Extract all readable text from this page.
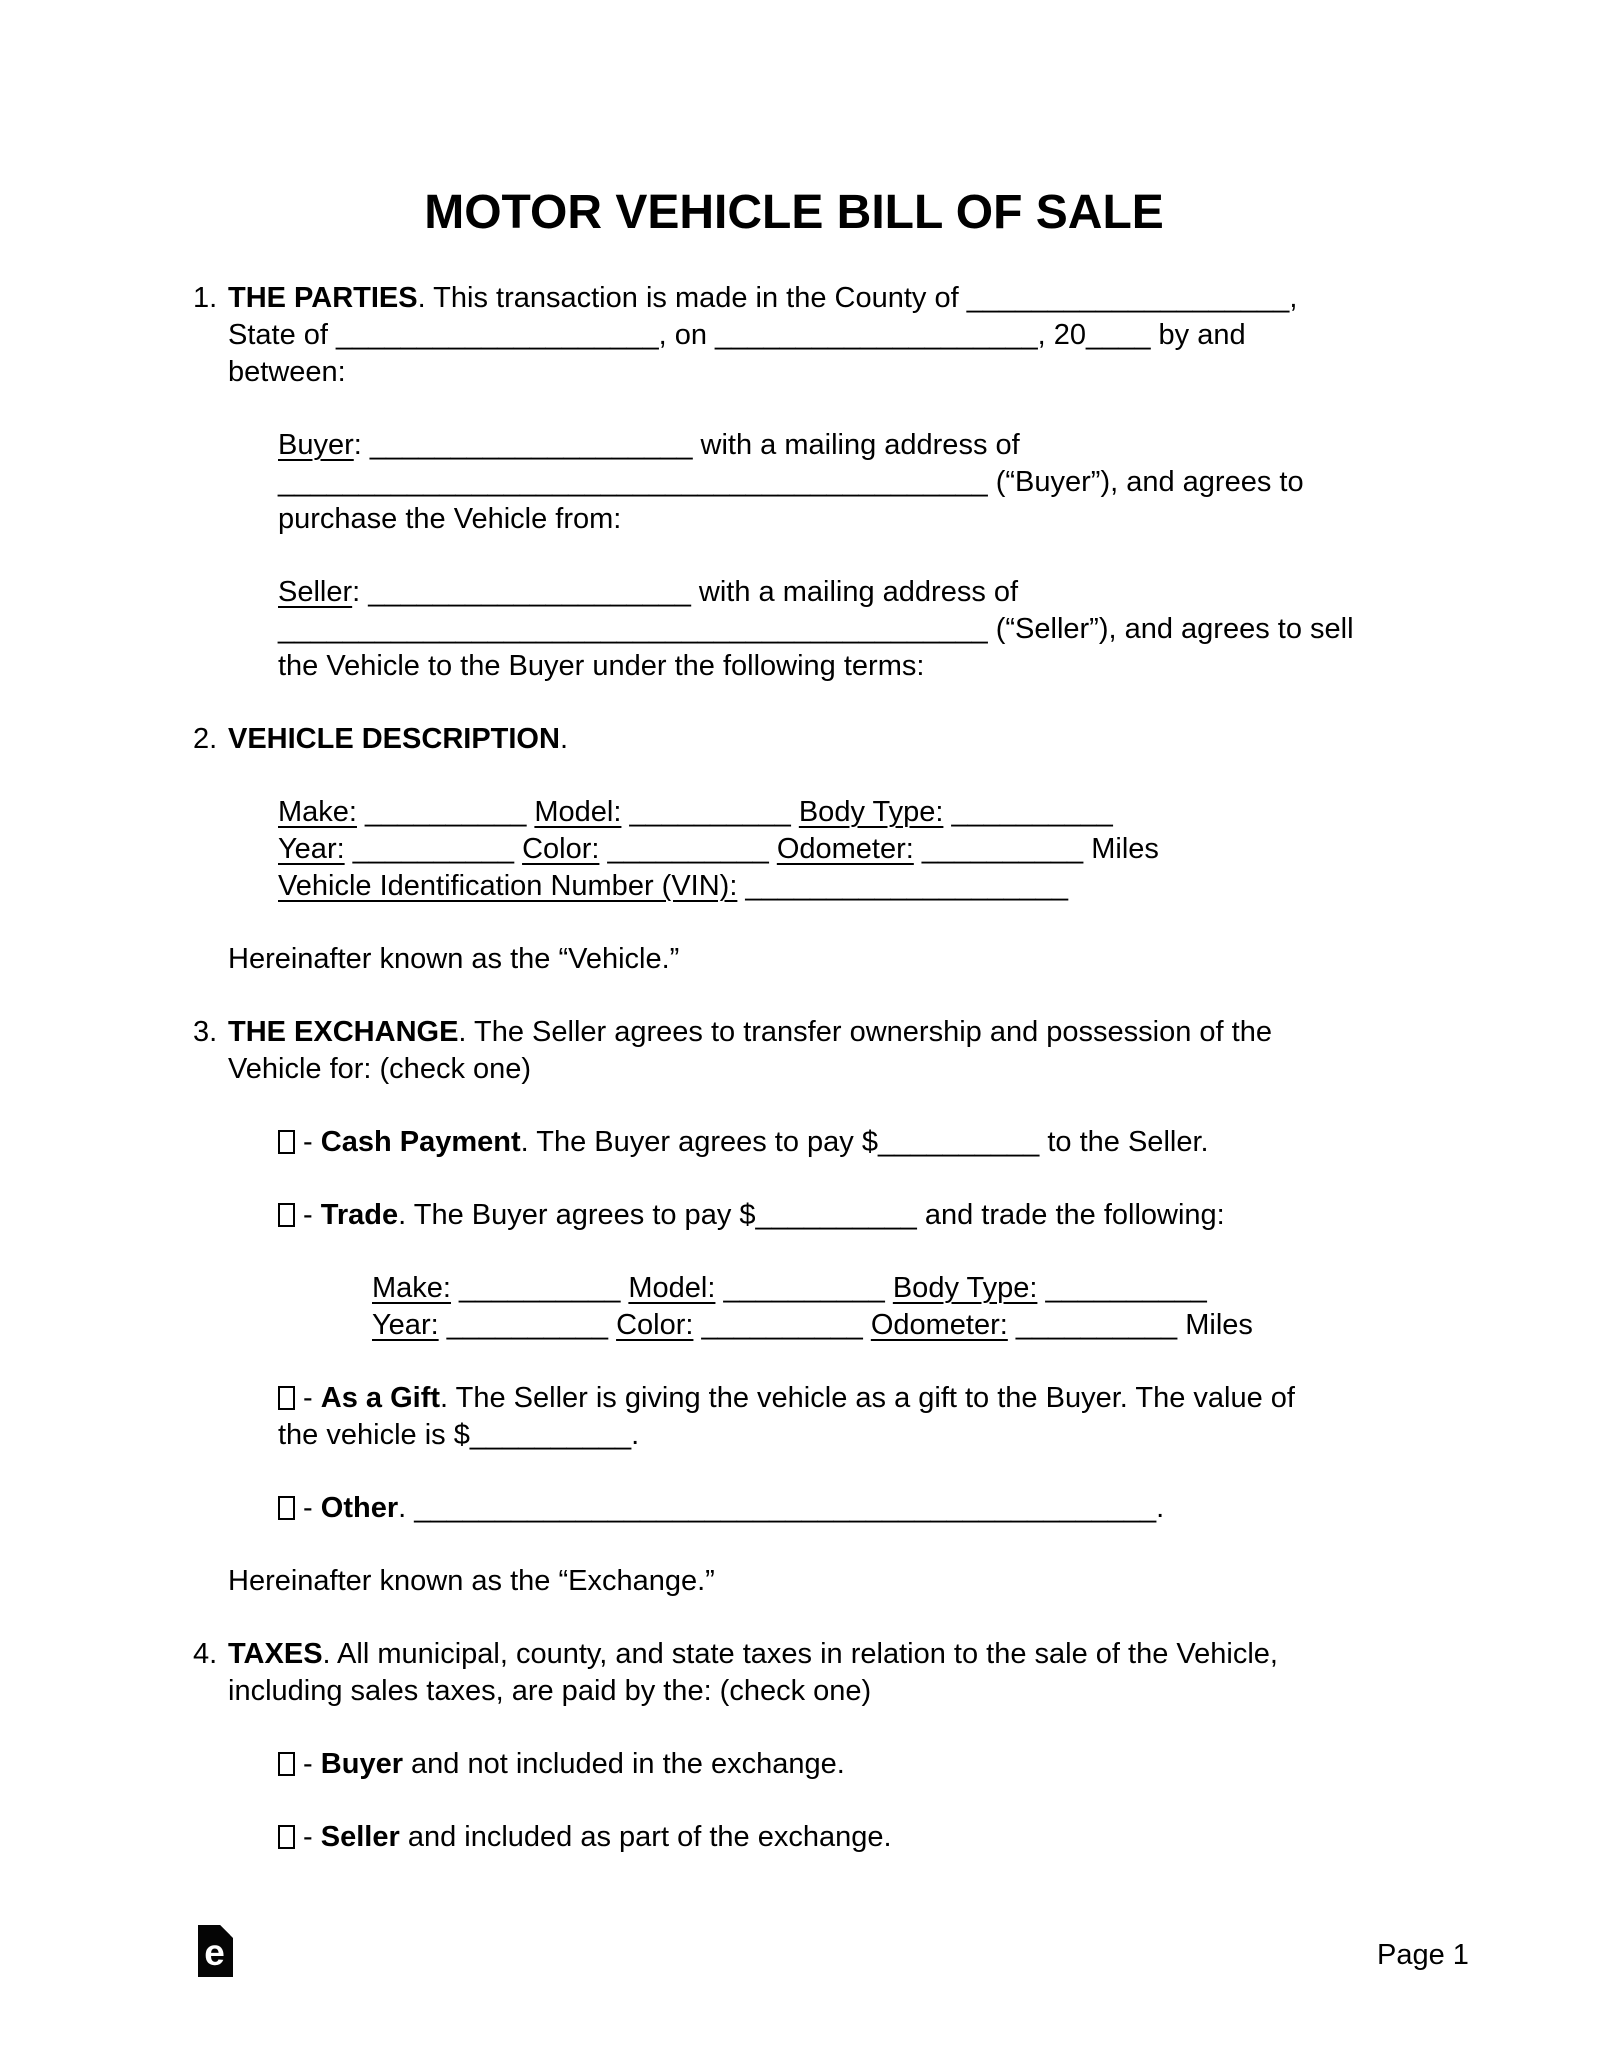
MOTOR VEHICLE BILL OF SALE
1. THE PARTIES. This transaction is made in the County of ____________________,
State of ____________________, on ____________________, 20____ by and
between:
Buyer: ____________________ with a mailing address of
____________________________________________ (“Buyer”), and agrees to
purchase the Vehicle from:
Seller: ____________________ with a mailing address of
____________________________________________ (“Seller”), and agrees to sell
the Vehicle to the Buyer under the following terms:
2. VEHICLE DESCRIPTION.
Make: __________ Model: __________ Body Type: __________
Year: __________ Color: __________ Odometer: __________ Miles
Vehicle Identification Number (VIN): ____________________
Hereinafter known as the “Vehicle.”
3. THE EXCHANGE. The Seller agrees to transfer ownership and possession of the
Vehicle for: (check one)
- Cash Payment. The Buyer agrees to pay $__________ to the Seller.
- Trade. The Buyer agrees to pay $__________ and trade the following:
Make: __________ Model: __________ Body Type: __________
Year: __________ Color: __________ Odometer: __________ Miles
- As a Gift. The Seller is giving the vehicle as a gift to the Buyer. The value of
the vehicle is $__________.
- Other. ______________________________________________.
Hereinafter known as the “Exchange.”
4. TAXES. All municipal, county, and state taxes in relation to the sale of the Vehicle,
including sales taxes, are paid by the: (check one)
- Buyer and not included in the exchange.
- Seller and included as part of the exchange.
e	Page 1
